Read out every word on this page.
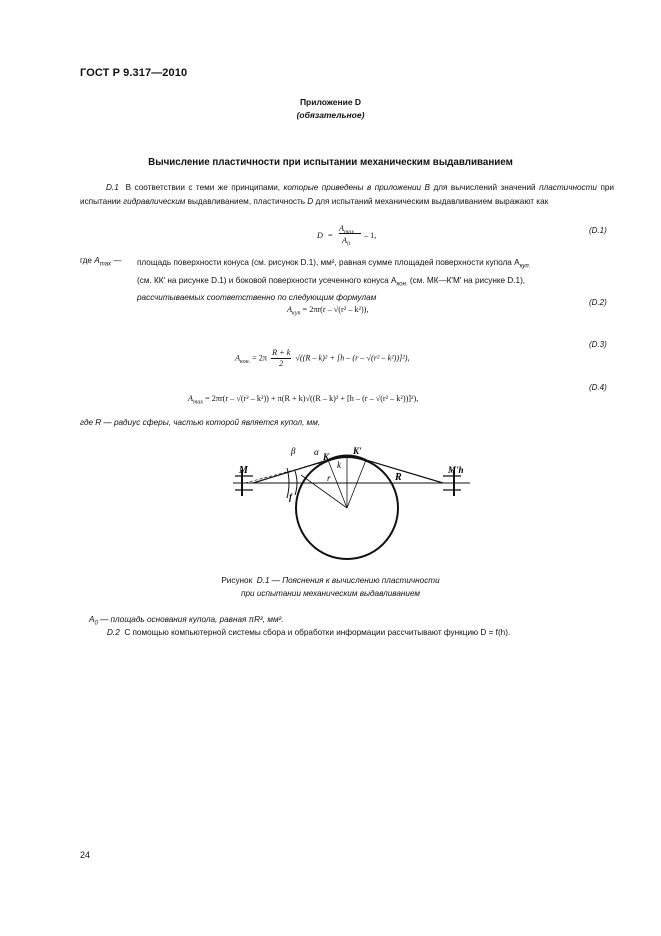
ГОСТ Р 9.317—2010
Приложение D
(обязательное)
Вычисление пластичности при испытании механическим выдавливанием
D.1 В соответствии с теми же принципами, которые приведены в приложении В для вычислений значений пластичности при испытании гидравлическим выдавливанием, пластичность D для испытаний механическим выдавливанием выражают как
D =
$A_{max}$
$A_0$
– 1,
(D.1)
где $A_{max}$ — площадь поверхности конуса (см. рисунок D.1), мм², равная сумме площадей поверхности купола $A_{куп.}$
(см. КК' на рисунке D.1) и боковой поверхности усеченного конуса $A_{кон.}$ (см. МК—К'М' на рисунке D.1),
рассчитываемых соответственно по следующим формулам
$A_{куп} = 2\pi r(r - √(r^2 - k^2))$,
(D.2)
$A_{кон.} = 2\pi \frac{R + k}{2} √((R - k)^2 + [h - (r - √(r^2 - k^2))]^2)$,
(D.3)
$A_{max} = 2\pi r(r - √(r^2 - k^2)) + \pi(R + k)√((R - k)^2 + [h - (r - √(r^2 - k^2))]^2)$,
(D.4)
где R — радиус сферы, частью которой является купол, мм,
M	M'h
β α K
K'
k
r	R
f
Рисунок D.1 — Пояснения к вычислению пластичности
при испытании механическим выдавливанием
$A_0$ — площадь основания купола, равная πR², мм².
D.2 С помощью компьютерной системы сбора и обработки информации рассчитывают функцию D = f(h).
24
